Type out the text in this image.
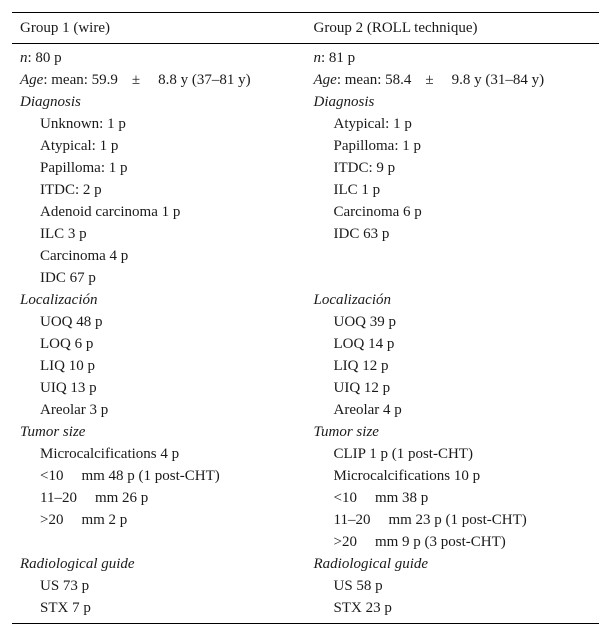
Group 1 (wire)	Group 2 (ROLL technique)
n: 80 p
Age: mean: 59.9 ± 8.8 y (37–81 y)
Diagnosis
Unknown: 1 p
Atypical: 1 p
Papilloma: 1 p
ITDC: 2 p
Adenoid carcinoma 1 p
ILC 3 p
Carcinoma 4 p
IDC 67 p
Localización
UOQ 48 p
LOQ 6 p
LIQ 10 p
UIQ 13 p
Areolar 3 p
Tumor size
Microcalcifications 4 p
<10 mm 48 p (1 post-CHT)
11–20 mm 26 p
>20 mm 2 p
Radiological guide
US 73 p
STX 7 p
n: 81 p
Age: mean: 58.4 ± 9.8 y (31–84 y)
Diagnosis
Atypical: 1 p
Papilloma: 1 p
ITDC: 9 p
ILC 1 p
Carcinoma 6 p
IDC 63 p
Localización
UOQ 39 p
LOQ 14 p
LIQ 12 p
UIQ 12 p
Areolar 4 p
Tumor size
CLIP 1 p (1 post-CHT)
Microcalcifications 10 p
<10 mm 38 p
11–20 mm 23 p (1 post-CHT)
>20 mm 9 p (3 post-CHT)
Radiological guide
US 58 p
STX 23 p
